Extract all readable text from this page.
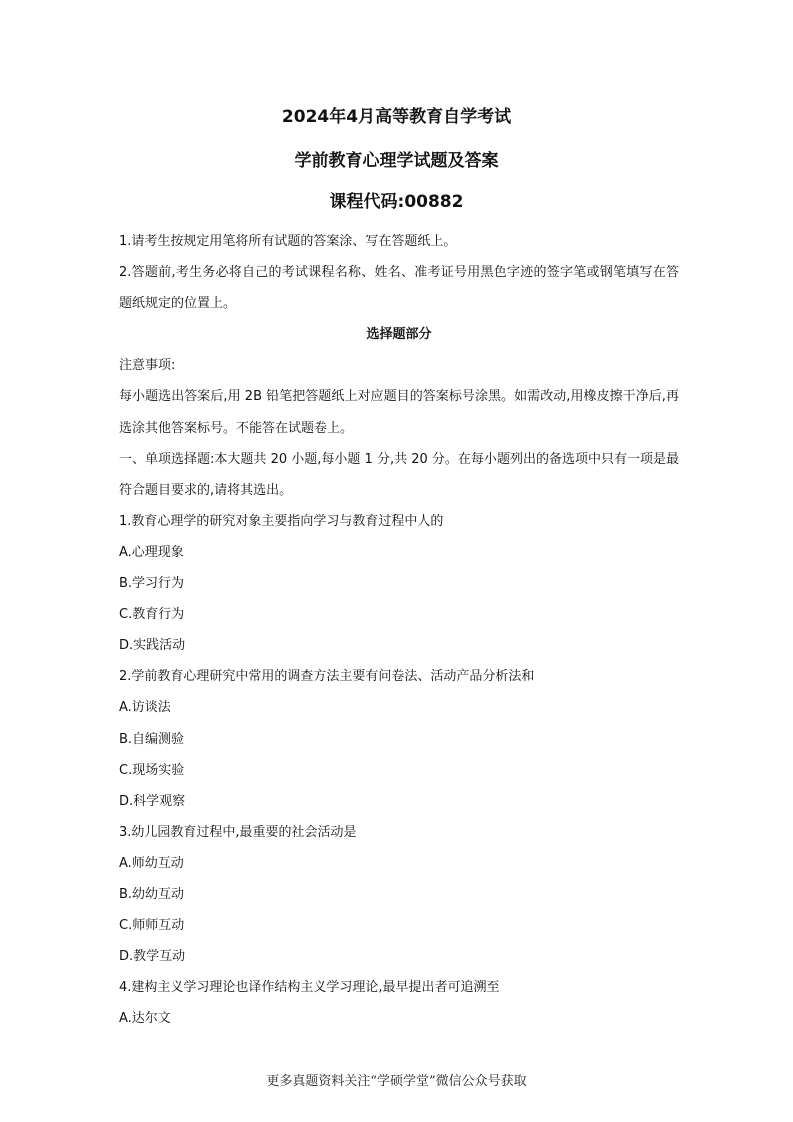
2024年4月高等教育自学考试
学前教育心理学试题及答案
课程代码:00882
1.请考生按规定用笔将所有试题的答案涂、写在答题纸上。
2.答题前,考生务必将自己的考试课程名称、姓名、准考证号用黑色字迹的签字笔或钢笔填写在答题纸规定的位置上。
选择题部分
注意事项:
每小题选出答案后,用 2B 铅笔把答题纸上对应题目的答案标号涂黑。如需改动,用橡皮擦干净后,再选涂其他答案标号。不能答在试题卷上。
一、单项选择题:本大题共 20 小题,每小题 1 分,共 20 分。在每小题列出的备选项中只有一项是最符合题目要求的,请将其选出。
1.教育心理学的研究对象主要指向学习与教育过程中人的
A.心理现象
B.学习行为
C.教育行为
D.实践活动
2.学前教育心理研究中常用的调查方法主要有问卷法、活动产品分析法和
A.访谈法
B.自编测验
C.现场实验
D.科学观察
3.幼儿园教育过程中,最重要的社会活动是
A.师幼互动
B.幼幼互动
C.师师互动
D.教学互动
4.建构主义学习理论也译作结构主义学习理论,最早提出者可追溯至
A.达尔文
更多真题资料关注“学硕学堂”微信公众号获取
